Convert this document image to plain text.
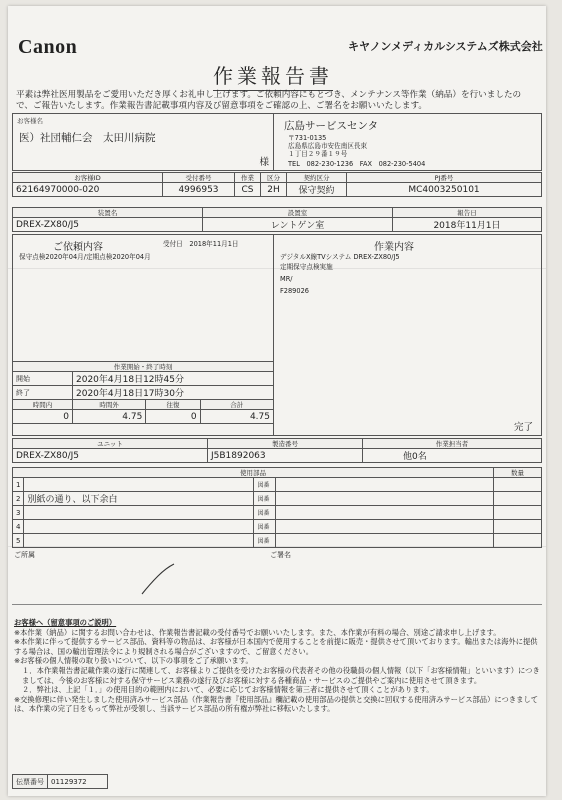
Canon	キヤノンメディカルシステムズ株式会社
作業報告書
平素は弊社医用製品をご愛用いただき厚くお礼申し上げます。ご依頼内容にもとづき、メンテナンス等作業（納品）を行いましたので、ご報告いたします。作業報告書記載事項内容及び留意事項をご確認の上、ご署名をお願いいたします。
お客様名
医）社団輔仁会　太田川病院
様
広島サービスセンタ
〒731-0135
広島県広島市安佐南区長束
１丁目２９番１９号
TEL　082-230-1236　FAX　082-230-5404
お客様ID	受付番号	作業	区分	契約区分	PJ番号
62164970000-020	4996953	CS	2H	保守契約	MC4003250101
装置名	設置室	報告日
DREX-ZX80/J5	レントゲン室	2018年11月1日
ご依頼内容	受付日　2018年11月1日
保守点検2020年04月/定期点検2020年04月
作業開始・終了時刻			
開始	2020年4月18日12時45分		
終了	2020年4月18日17時30分		
時間内	時間外	往復	合計
0	4.75	0	4.75
作業内容
デジタルX線TVシステム DREX-ZX80/J5
定期保守点検実施
MR/
F289026
完了
ユニット	製造番号	作業担当者
DREX-ZX80/J5	J5B1892063	他0名
使用部品				数量
1		図番		
2	別紙の通り、以下余白	図番		
3		図番		
4		図番		
5		図番		
ご所属	ご署名
お客様へ（留意事項のご説明）
※本作業（納品）に関するお問い合わせは、作業報告書記載の受付番号でお願いいたします。また、本作業が有料の場合、別途ご請求申し上げます。
※本作業に伴って提供するサービス部品、資料等の物品は、お客様が日本国内で使用することを前提に販売・提供させて頂いております。輸出または海外に提供する場合は、国の輸出管理法令により規制される場合がございますので、ご留意ください。
※お客様の個人情報の取り扱いについて、以下の事項をご了承願います。
１．本作業報告書記載作業の遂行に関連して、お客様よりご提供を受けたお客様の代表者その他の役職員の個人情報（以下「お客様情報」といいます）につきましては、今後のお客様に対する保守サービス業務の遂行及びお客様に対する各種商品・サービスのご提供やご案内に使用させて頂きます。
２．弊社は、上記「１．」の使用目的の範囲内において、必要に応じてお客様情報を第三者に提供させて頂くことがあります。
※交換修理に伴い発生しました使用済みサービス部品（作業報告書『使用部品』欄記載の使用部品の提供と交換に回収する使用済みサービス部品）につきましては、本作業の完了日をもって弊社が受領し、当該サービス部品の所有権が弊社に移転いたします。
伝票番号	01129372
